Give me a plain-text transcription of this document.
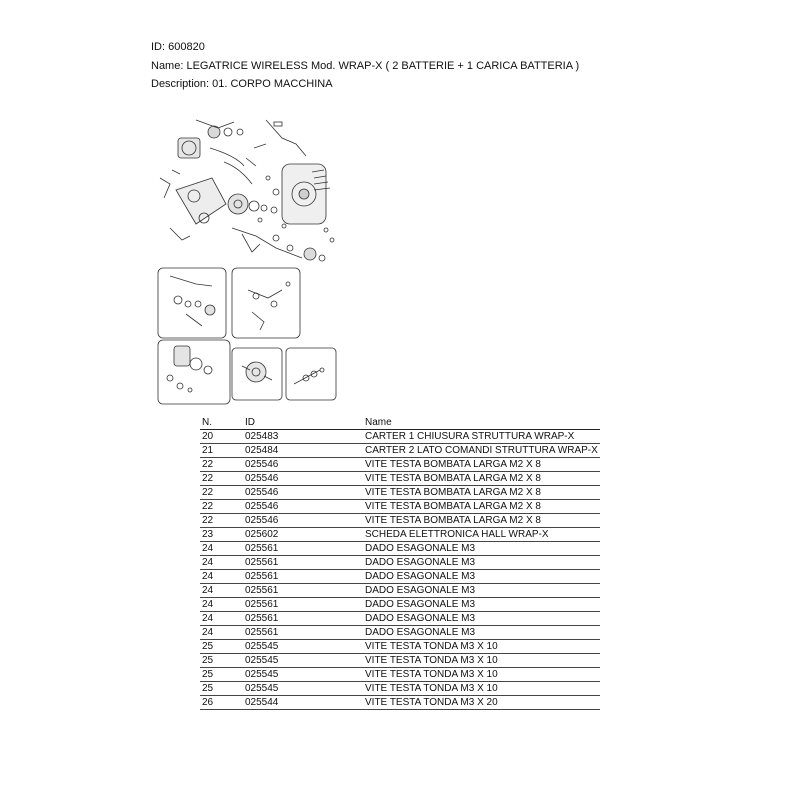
ID: 600820
Name: LEGATRICE WIRELESS Mod. WRAP-X ( 2 BATTERIE + 1 CARICA BATTERIA )
Description: 01. CORPO MACCHINA
N.	ID	Name
20	025483	CARTER 1 CHIUSURA STRUTTURA WRAP-X
21	025484	CARTER 2 LATO COMANDI STRUTTURA WRAP-X
22	025546	VITE TESTA BOMBATA LARGA M2 X 8
22	025546	VITE TESTA BOMBATA LARGA M2 X 8
22	025546	VITE TESTA BOMBATA LARGA M2 X 8
22	025546	VITE TESTA BOMBATA LARGA M2 X 8
22	025546	VITE TESTA BOMBATA LARGA M2 X 8
23	025602	SCHEDA ELETTRONICA HALL WRAP-X
24	025561	DADO ESAGONALE M3
24	025561	DADO ESAGONALE M3
24	025561	DADO ESAGONALE M3
24	025561	DADO ESAGONALE M3
24	025561	DADO ESAGONALE M3
24	025561	DADO ESAGONALE M3
24	025561	DADO ESAGONALE M3
25	025545	VITE TESTA TONDA M3 X 10
25	025545	VITE TESTA TONDA M3 X 10
25	025545	VITE TESTA TONDA M3 X 10
25	025545	VITE TESTA TONDA M3 X 10
26	025544	VITE TESTA TONDA M3 X 20
